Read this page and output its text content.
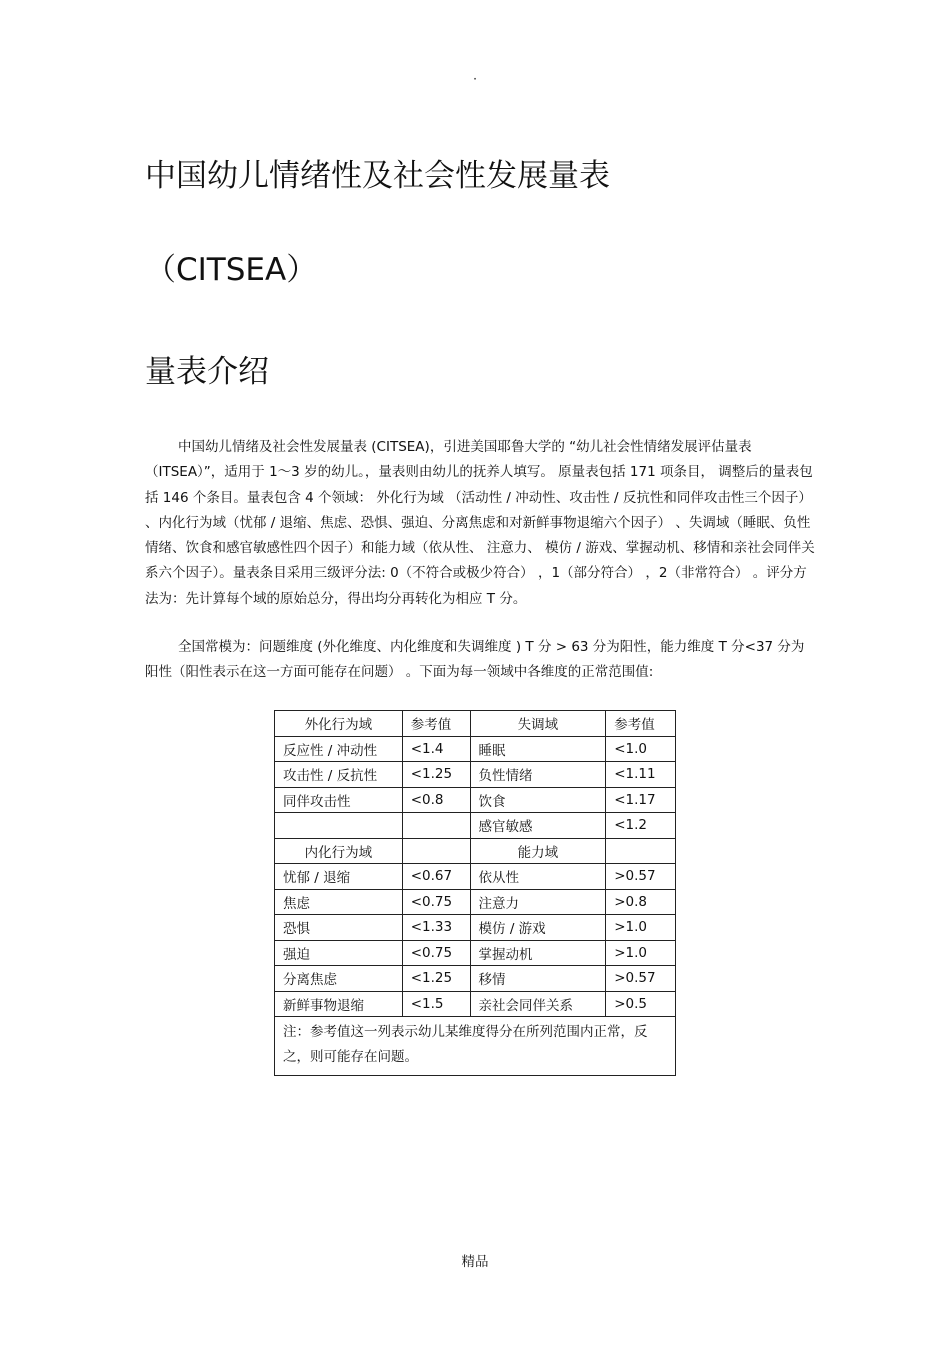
·
中国幼儿情绪性及社会性发展量表
（CITSEA）
量表介绍

中国幼儿情绪及社会性发展量表 (CITSEA)，引进美国耶鲁大学的 “幼儿社会性情绪发展评估量表（ITSEA）”，适用于 1～3 岁的幼儿。，量表则由幼儿的抚养人填写。 原量表包括 171 项条目， 调整后的量表包括 146 个条目。量表包含 4 个领域： 外化行为域 （活动性 / 冲动性、攻击性 / 反抗性和同伴攻击性三个因子） 、内化行为域（忧郁 / 退缩、焦虑、恐惧、强迫、分离焦虑和对新鲜事物退缩六个因子） 、失调域（睡眠、负性情绪、饮食和感官敏感性四个因子）和能力域（依从性、 注意力、 模仿 / 游戏、掌握动机、移情和亲社会同伴关系六个因子）。量表条目采用三级评分法: 0（不符合或极少符合） ，1（部分符合） ，2（非常符合） 。评分方法为：先计算每个域的原始总分，得出均分再转化为相应 T 分。

全国常模为：问题维度 (外化维度、内化维度和失调维度 ) T 分 > 63 分为阳性，能力维度 T 分<37 分为阳性（阳性表示在这一方面可能存在问题） 。下面为每一领域中各维度的正常范围值:

外化行为域	参考值	失调域	参考值
反应性 / 冲动性	<1.4	睡眠	<1.0
攻击性 / 反抗性	<1.25	负性情绪	<1.11
同伴攻击性	<0.8	饮食	<1.17
		感官敏感	<1.2
内化行为域		能力域	
忧郁 / 退缩	<0.67	依从性	>0.57
焦虑	<0.75	注意力	>0.8
恐惧	<1.33	模仿 / 游戏	>1.0
强迫	<0.75	掌握动机	>1.0
分离焦虑	<1.25	移情	>0.57
新鲜事物退缩	<1.5	亲社会同伴关系	>0.5
注：参考值这一列表示幼儿某维度得分在所列范围内正常，反之，则可能存在问题。			
精品
